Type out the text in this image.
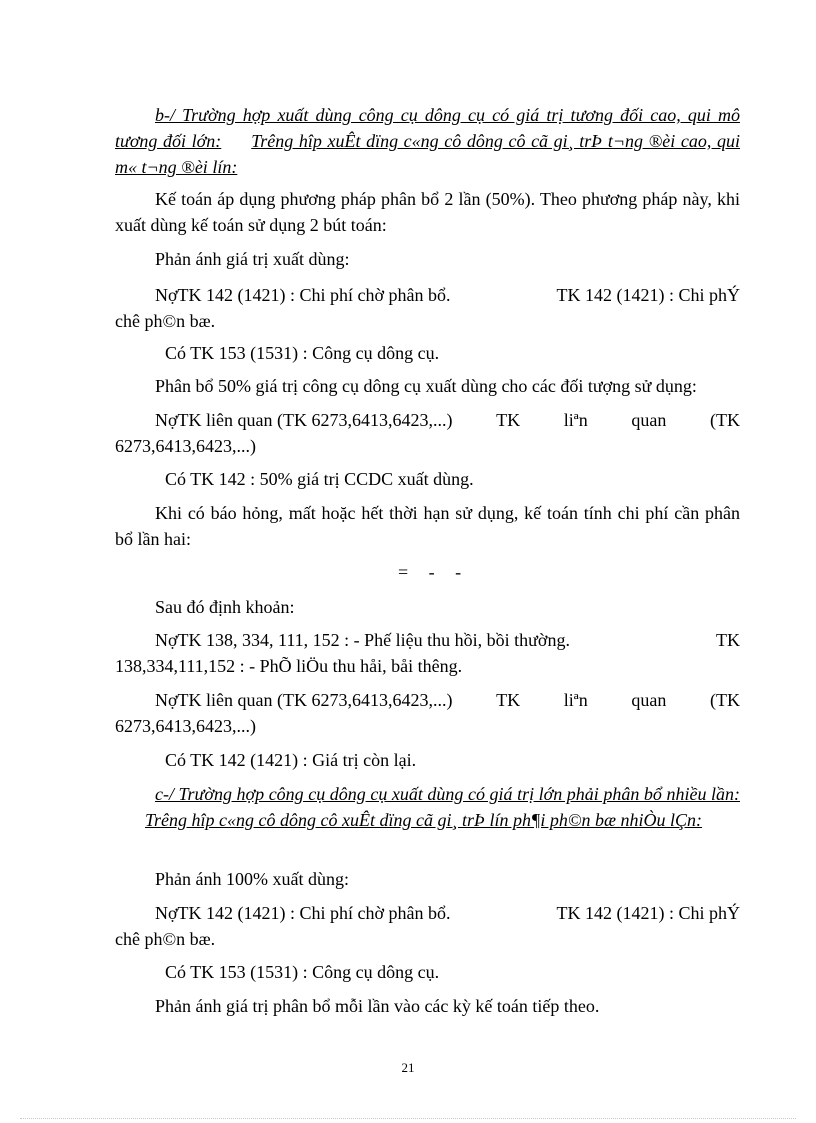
b-/ Trường hợp xuất dùng công cụ dông cụ có giá trị tương đối cao, qui mô tương đối lớn: Trêng hîp xuÊt dïng c«ng cô dông cô cã gi¸ trÞ t¬ng ®èi cao, qui m« t¬ng ®èi lín:

Kế toán áp dụng phương pháp phân bổ 2 lần (50%). Theo phương pháp này, khi xuất dùng kế toán sử dụng 2 bút toán:

Phản ánh giá trị xuất dùng:

NợTK 142 (1421) : Chi phí chờ phân bổ.	TK 142 (1421) : Chi phÝ
chê ph©n bæ.

Có TK 153 (1531) : Công cụ dông cụ.

Phân bổ 50% giá trị công cụ dông cụ xuất dùng cho các đối tượng sử dụng:

NợTK liên quan (TK 6273,6413,6423,...) TK liªn quan (TK
6273,6413,6423,...)

Có TK 142 : 50% giá trị CCDC xuất dùng.

Khi có báo hỏng, mất hoặc hết thời hạn sử dụng, kế toán tính chi phí cần phân bổ lần hai:

= - -

Sau đó định khoản:

NợTK 138, 334, 111, 152 : - Phế liệu thu hồi, bồi thường.	TK
138,334,111,152 : - PhÕ liÖu thu håi, båi thêng.
NợTK liên quan (TK 6273,6413,6423,...) TK liªn quan (TK
6273,6413,6423,...)

Có TK 142 (1421) : Giá trị còn lại.

c-/ Trường hợp công cụ dông cụ xuất dùng có giá trị lớn phải phân bổ nhiều lần:Trêng hîp c«ng cô dông cô xuÊt dïng cã gi¸ trÞ lín ph¶i ph©n bæ nhiÒu lÇn:

Phản ánh 100% xuất dùng:

NợTK 142 (1421) : Chi phí chờ phân bổ.	TK 142 (1421) : Chi phÝ
chê ph©n bæ.

Có TK 153 (1531) : Công cụ dông cụ.

Phản ánh giá trị phân bổ mỗi lần vào các kỳ kế toán tiếp theo.

21
